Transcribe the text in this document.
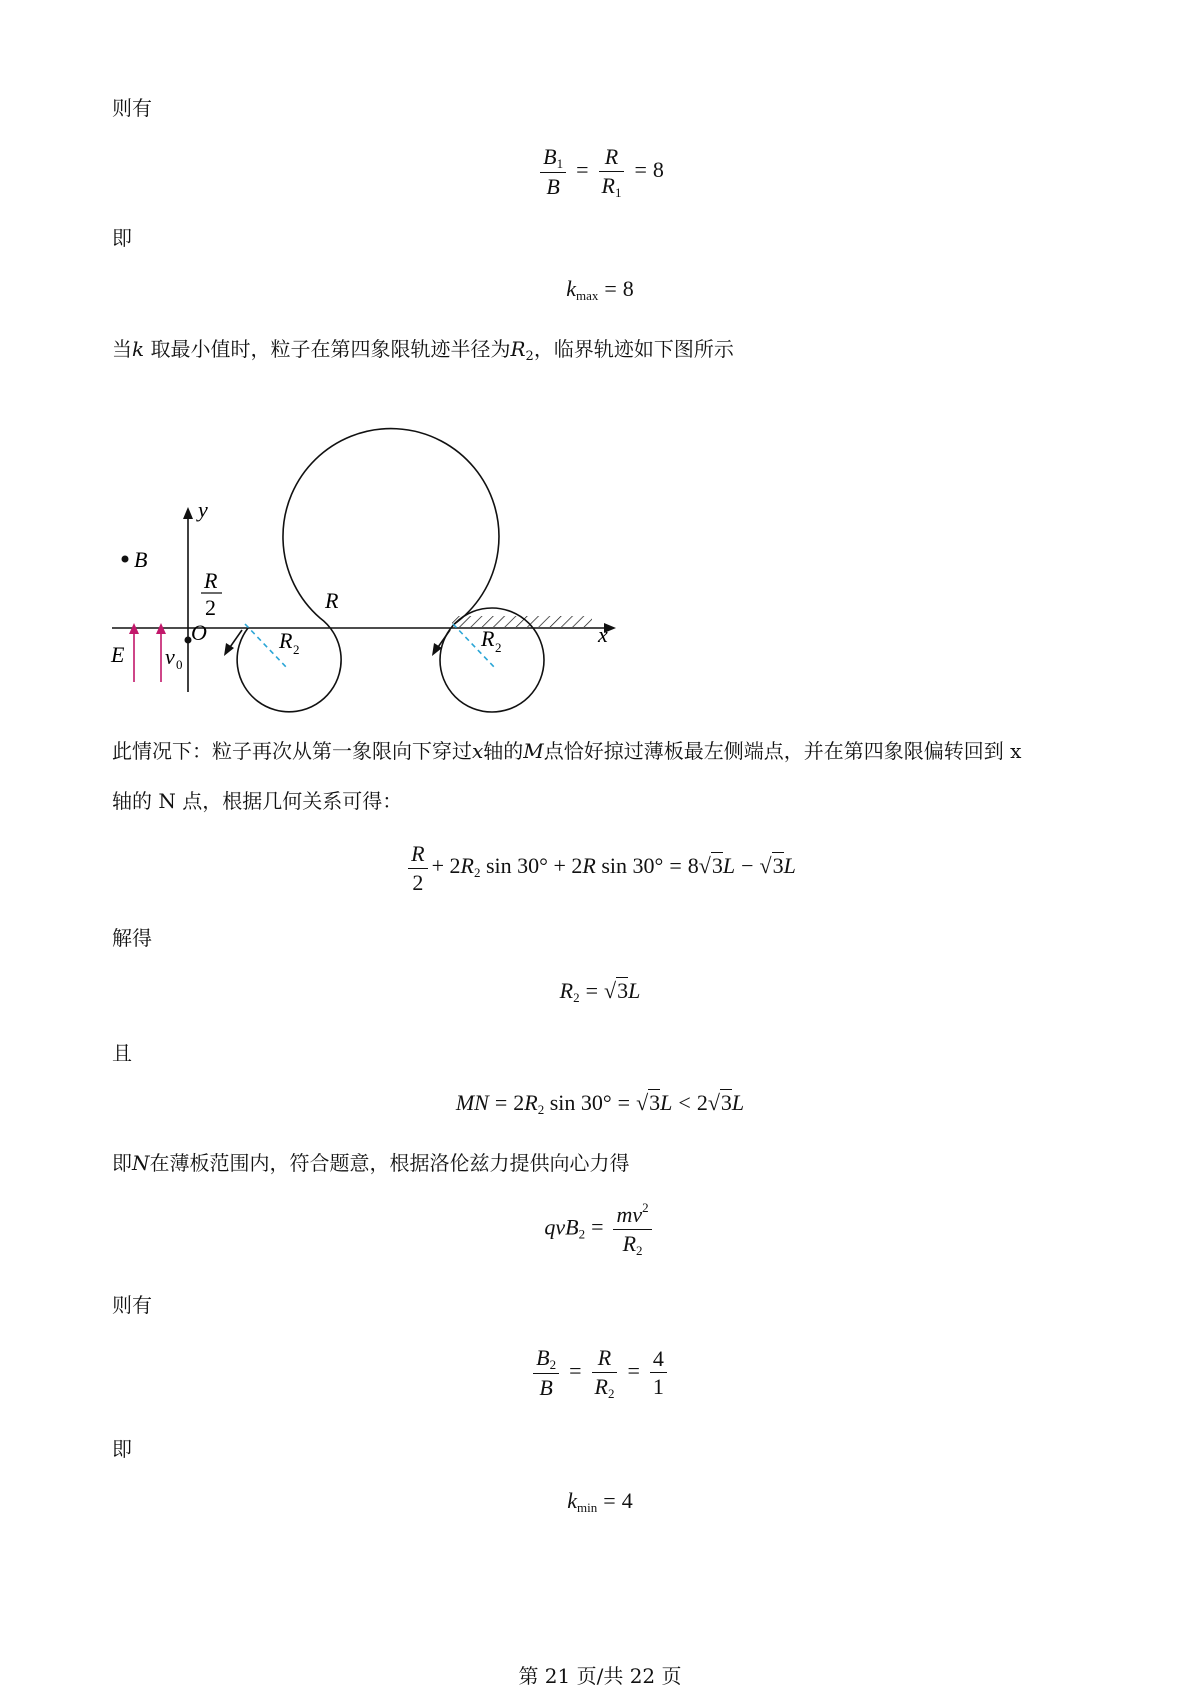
则有
$\frac{B_1}{B} = \frac{R}{R_1} = 8$
即
$k_{max} = 8$
当k 取最小值时，粒子在第四象限轨迹半径为$R_2$，临界轨迹如下图所示
y
x
B
R
2
O
E v 0
R
R 2	R 2
此情况下：粒子再次从第一象限向下穿过x轴的M点恰好掠过薄板最左侧端点，并在第四象限偏转回到 x
轴的 N 点，根据几何关系可得：
$\frac{R}{2} + 2R_2$ sin 30° + 2R sin 30° = 8√3L − √3L
解得
$R_2 = √3L$
且
MN = $2R_2$ sin 30° = √3L < 2√3L
即N在薄板范围内，符合题意，根据洛伦兹力提供向心力得
$qvB_2 = \frac{mv^2}{R_2}$
则有
$\frac{B_2}{B} = \frac{R}{R_2} = \frac{4}{1}$
即
$k_{min} = 4$
第 21 页/共 22 页
